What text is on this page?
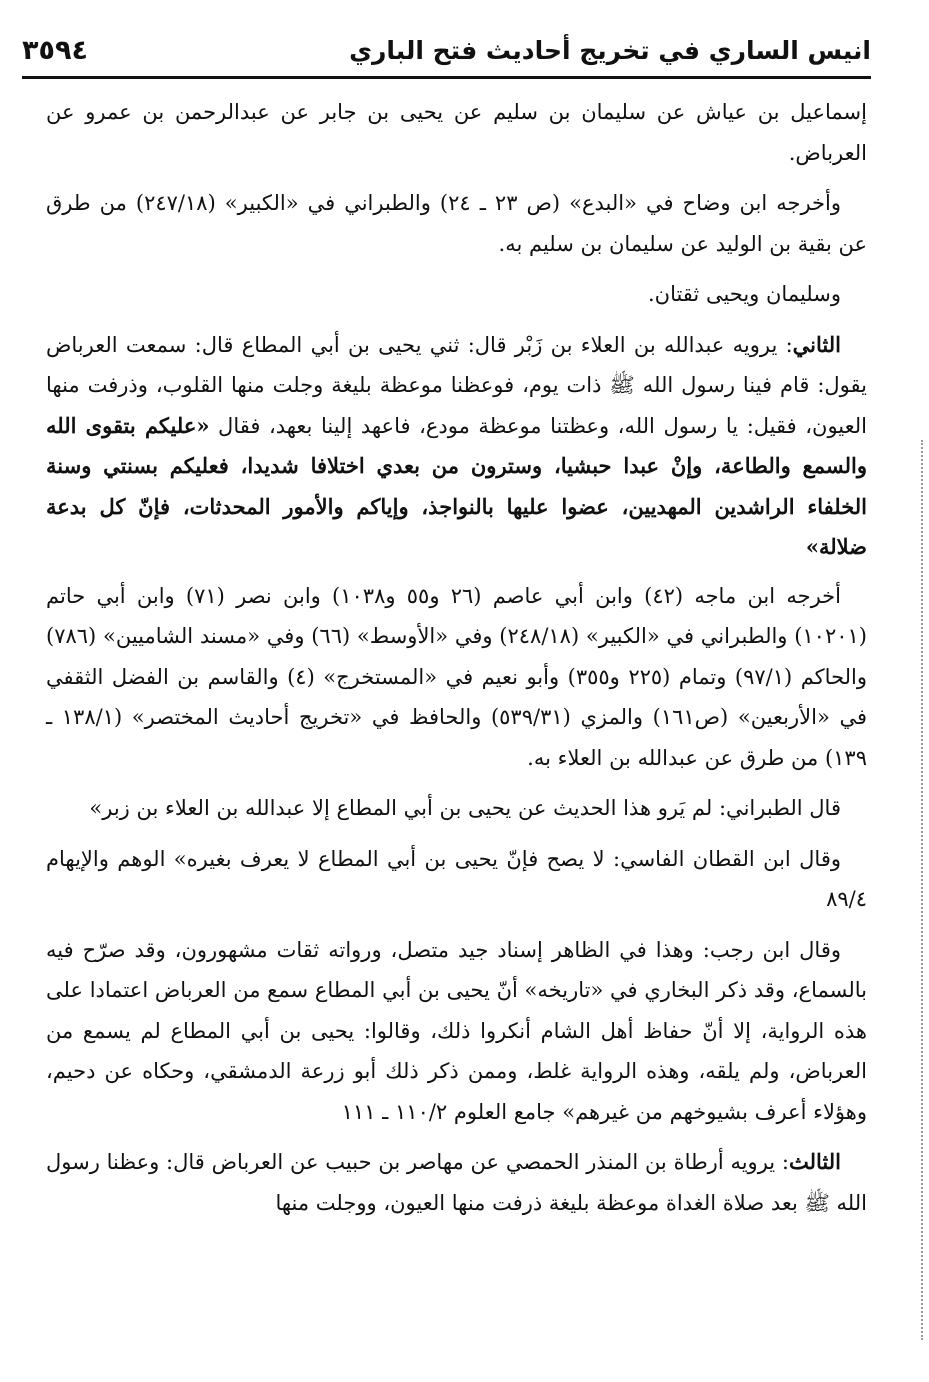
انيس الساري في تخريج أحاديث فتح الباري
٣٥٩٤

إسماعيل بن عياش عن سليمان بن سليم عن يحيى بن جابر عن عبدالرحمن بن عمرو عن العرباض.

وأخرجه ابن وضاح في «البدع» (ص ٢٣ ـ ٢٤) والطبراني في «الكبير» (٢٤٧/١٨) من طرق عن بقية بن الوليد عن سليمان بن سليم به.

وسليمان ويحيى ثقتان.

الثاني: يرويه عبدالله بن العلاء بن زَبْر قال: ثني يحيى بن أبي المطاع قال: سمعت العرباض يقول: قام فينا رسول الله ﷺ ذات يوم، فوعظنا موعظة بليغة وجلت منها القلوب، وذرفت منها العيون، فقيل: يا رسول الله، وعظتنا موعظة مودع، فاعهد إلينا بعهد، فقال «عليكم بتقوى الله والسمع والطاعة، وإنْ عبدا حبشيا، وسترون من بعدي اختلافا شديدا، فعليكم بسنتي وسنة الخلفاء الراشدين المهديين، عضوا عليها بالنواجذ، وإياكم والأمور المحدثات، فإنّ كل بدعة ضلالة»

أخرجه ابن ماجه (٤٢) وابن أبي عاصم (٢٦ و٥٥ و١٠٣٨) وابن نصر (٧١) وابن أبي حاتم (١٠٢٠١) والطبراني في «الكبير» (٢٤٨/١٨) وفي «الأوسط» (٦٦) وفي «مسند الشاميين» (٧٨٦) والحاكم (٩٧/١) وتمام (٢٢٥ و٣٥٥) وأبو نعيم في «المستخرج» (٤) والقاسم بن الفضل الثقفي في «الأربعين» (ص١٦١) والمزي (٥٣٩/٣١) والحافظ في «تخريج أحاديث المختصر» (١٣٨/١ ـ ١٣٩) من طرق عن عبدالله بن العلاء به.

قال الطبراني: لم يَرو هذا الحديث عن يحيى بن أبي المطاع إلا عبدالله بن العلاء بن زبر»

وقال ابن القطان الفاسي: لا يصح فإنّ يحيى بن أبي المطاع لا يعرف بغيره» الوهم والإيهام ٨٩/٤

وقال ابن رجب: وهذا في الظاهر إسناد جيد متصل، ورواته ثقات مشهورون، وقد صرّح فيه بالسماع، وقد ذكر البخاري في «تاريخه» أنّ يحيى بن أبي المطاع سمع من العرباض اعتمادا على هذه الرواية، إلا أنّ حفاظ أهل الشام أنكروا ذلك، وقالوا: يحيى بن أبي المطاع لم يسمع من العرباض، ولم يلقه، وهذه الرواية غلط، وممن ذكر ذلك أبو زرعة الدمشقي، وحكاه عن دحيم، وهؤلاء أعرف بشيوخهم من غيرهم» جامع العلوم ١١٠/٢ ـ ١١١

الثالث: يرويه أرطاة بن المنذر الحمصي عن مهاصر بن حبيب عن العرباض قال: وعظنا رسول الله ﷺ بعد صلاة الغداة موعظة بليغة ذرفت منها العيون، ووجلت منها
